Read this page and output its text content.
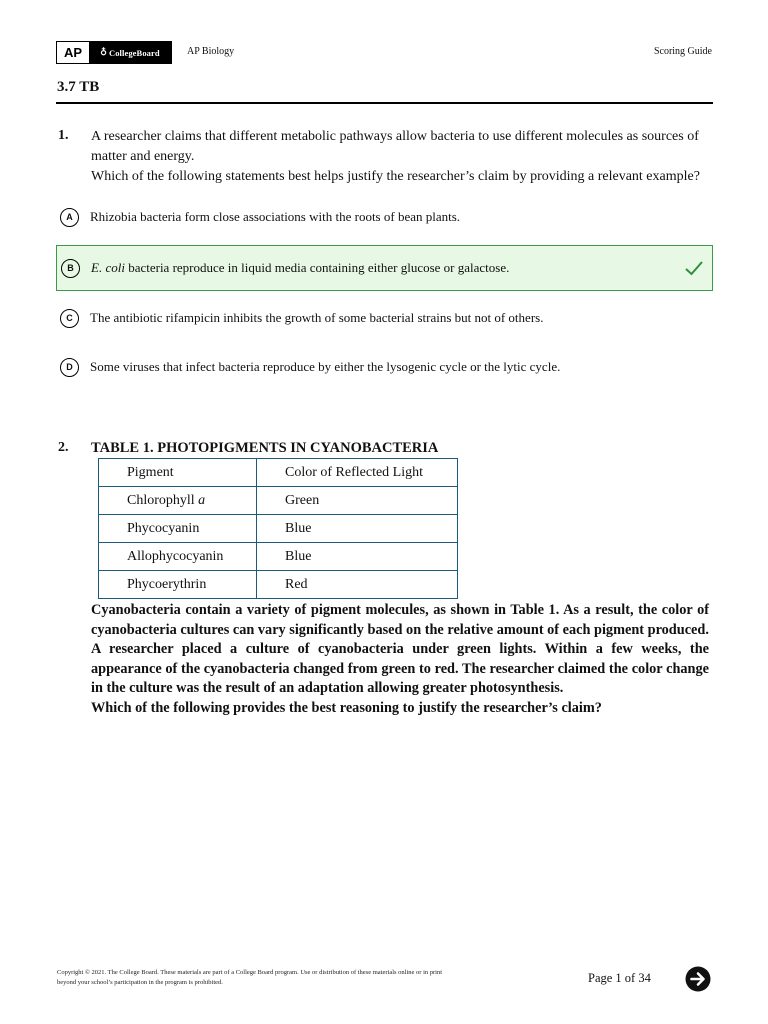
AP	♁ CollegeBoard	AP Biology	Scoring Guide
3.7 TB
1. A researcher claims that different metabolic pathways allow bacteria to use different molecules as sources of matter and energy.
Which of the following statements best helps justify the researcher’s claim by providing a relevant example?
A	Rhizobia bacteria form close associations with the roots of bean plants.
B	E. coli bacteria reproduce in liquid media containing either glucose or galactose.
C	The antibiotic rifampicin inhibits the growth of some bacterial strains but not of others.
D	Some viruses that infect bacteria reproduce by either the lysogenic cycle or the lytic cycle.
2. TABLE 1. PHOTOPIGMENTS IN CYANOBACTERIA
Pigment	Color of Reflected Light
Chlorophyll a	Green
Phycocyanin	Blue
Allophycocyanin	Blue
Phycoerythrin	Red

Cyanobacteria contain a variety of pigment molecules, as shown in Table 1. As a result, the color of cyanobacteria cultures can vary significantly based on the relative amount of each pigment produced.

A researcher placed a culture of cyanobacteria under green lights. Within a few weeks, the appearance of the cyanobacteria changed from green to red. The researcher claimed the color change in the culture was the result of an adaptation allowing greater photosynthesis.

Which of the following provides the best reasoning to justify the researcher’s claim?

Copyright © 2021. The College Board. These materials are part of a College Board program. Use or distribution of these materials online or in print
beyond your school’s participation in the program is prohibited.	Page 1 of 34
